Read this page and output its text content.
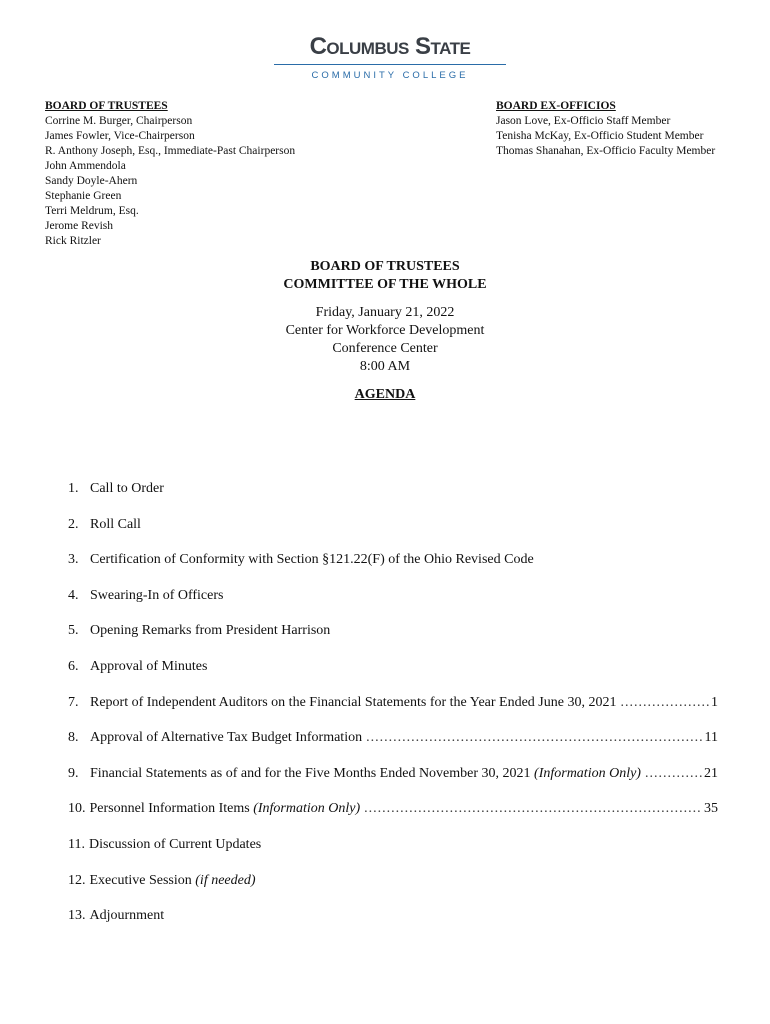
Columbus State
COMMUNITY COLLEGE
BOARD OF TRUSTEES
Corrine M. Burger, Chairperson
James Fowler, Vice-Chairperson
R. Anthony Joseph, Esq., Immediate-Past Chairperson
John Ammendola
Sandy Doyle-Ahern
Stephanie Green
Terri Meldrum, Esq.
Jerome Revish
Rick Ritzler
BOARD EX-OFFICIOS
Jason Love, Ex-Officio Staff Member
Tenisha McKay, Ex-Officio Student Member
Thomas Shanahan, Ex-Officio Faculty Member
BOARD OF TRUSTEES
COMMITTEE OF THE WHOLE
Friday, January 21, 2022
Center for Workforce Development
Conference Center
8:00 AM
AGENDA
1. Call to Order
2. Roll Call
3. Certification of Conformity with Section §121.22(F) of the Ohio Revised Code
4. Swearing-In of Officers
5. Opening Remarks from President Harrison
6. Approval of Minutes
7. Report of Independent Auditors on the Financial Statements for the Year Ended June 30, 2021 .....	1
8. Approval of Alternative Tax Budget Information .....	11
9. Financial Statements as of and for the Five Months Ended November 30, 2021 (Information Only) .....	21
10. Personnel Information Items (Information Only) .....	35
11. Discussion of Current Updates
12. Executive Session (if needed)
13. Adjournment
